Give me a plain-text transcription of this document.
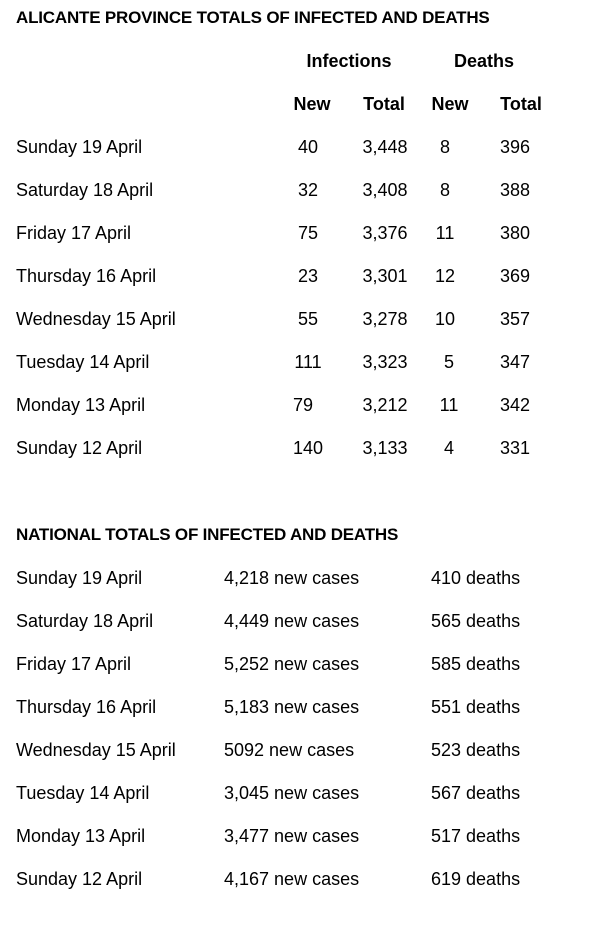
ALICANTE PROVINCE TOTALS OF INFECTED AND DEATHS
Infections	Deaths
New Total New Total
Sunday 19 April	40 3,448 8	396
Saturday 18 April	32 3,408 8	388
Friday 17 April	75 3,376 11	380
Thursday 16 April	23 3,301 12 369
Wednesday 15 April	55 3,278 10 357
Tuesday 14 April	111 3,323 5	347
Monday 13 April	79	3,212 11 342
Sunday 12 April	140 3,133 4	331
NATIONAL TOTALS OF INFECTED AND DEATHS
Sunday 19 April	4,218 new cases	410 deaths
Saturday 18 April	4,449 new cases	565 deaths
Friday 17 April	5,252 new cases	585 deaths
Thursday 16 April	5,183 new cases	551 deaths
Wednesday 15 April	5092 new cases	523 deaths
Tuesday 14 April	3,045 new cases	567 deaths
Monday 13 April	3,477 new cases	517 deaths
Sunday 12 April	4,167 new cases	619 deaths
